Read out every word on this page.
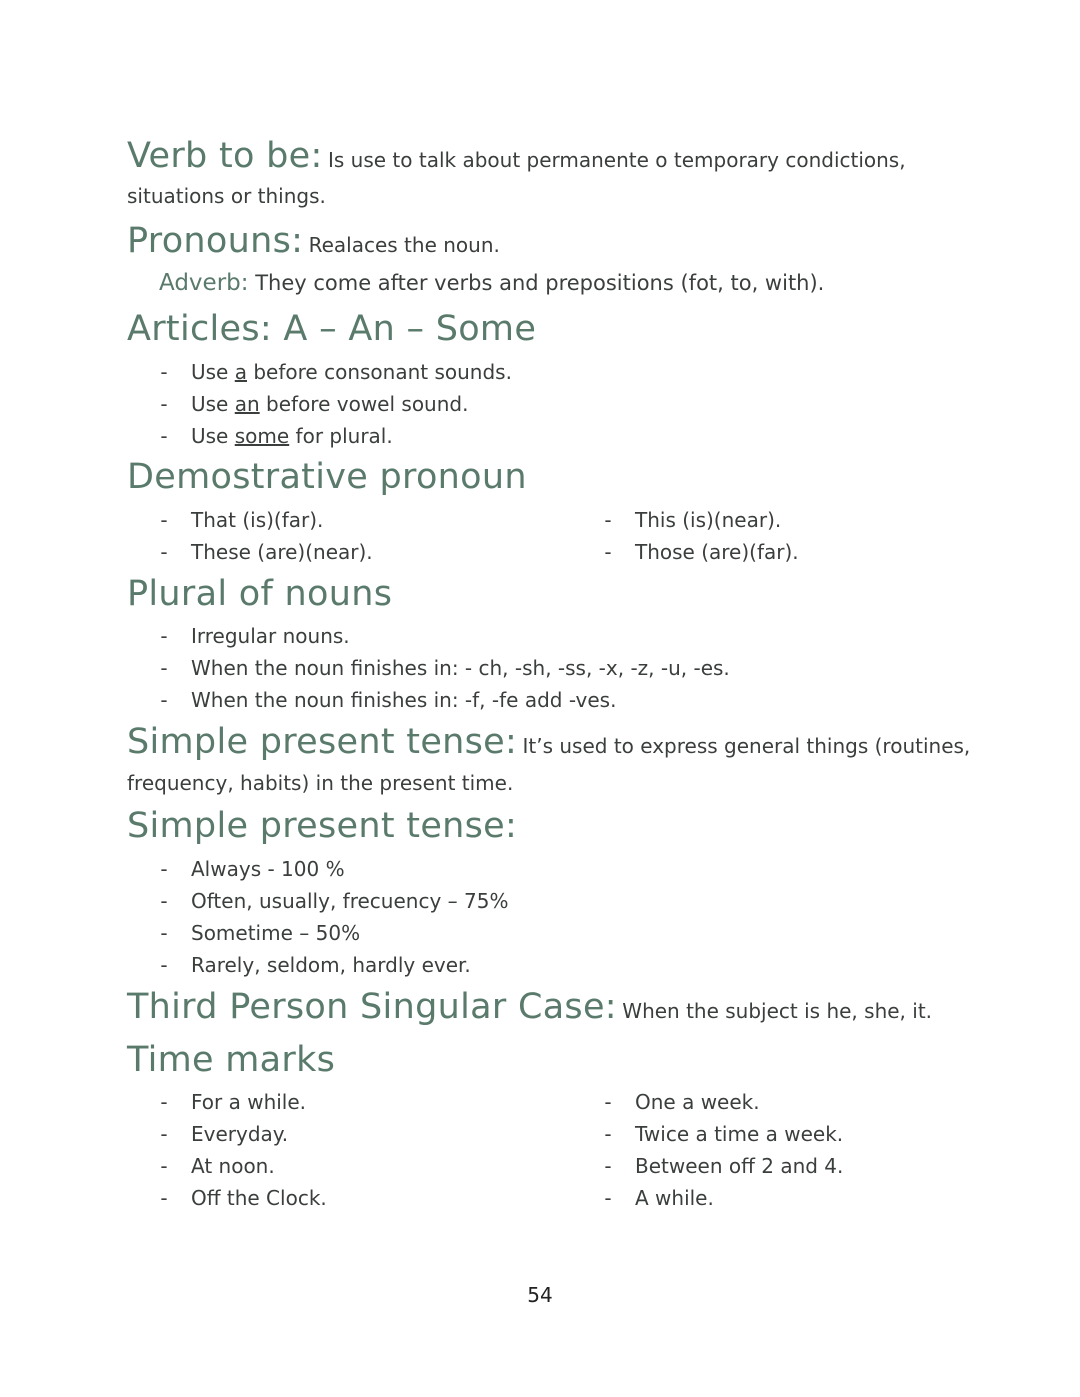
Verb to be: Is use to talk about permanente o temporary condictions,
situations or things.
Pronouns: Realaces the noun.
Adverb: They come after verbs and prepositions (fot, to, with).
Articles: A – An – Some
- Use a before consonant sounds.
- Use an before vowel sound.
- Use some for plural.
Demostrative pronoun
- That (is)(far).
- These (are)(near).
- This (is)(near).
- Those (are)(far).
Plural of nouns
- Irregular nouns.
- When the noun finishes in: - ch, -sh, -ss, -x, -z, -u, -es.
- When the noun finishes in: -f, -fe add -ves.
Simple present tense: It’s used to express general things (routines,
frequency, habits) in the present time.
Simple present tense:
- Always - 100 %
- Often, usually, frecuency – 75%
- Sometime – 50%
- Rarely, seldom, hardly ever.
Third Person Singular Case: When the subject is he, she, it.
Time marks
- For a while.
- Everyday.
- At noon.
- Off the Clock.
- One a week.
- Twice a time a week.
- Between off 2 and 4.
- A while.
54
